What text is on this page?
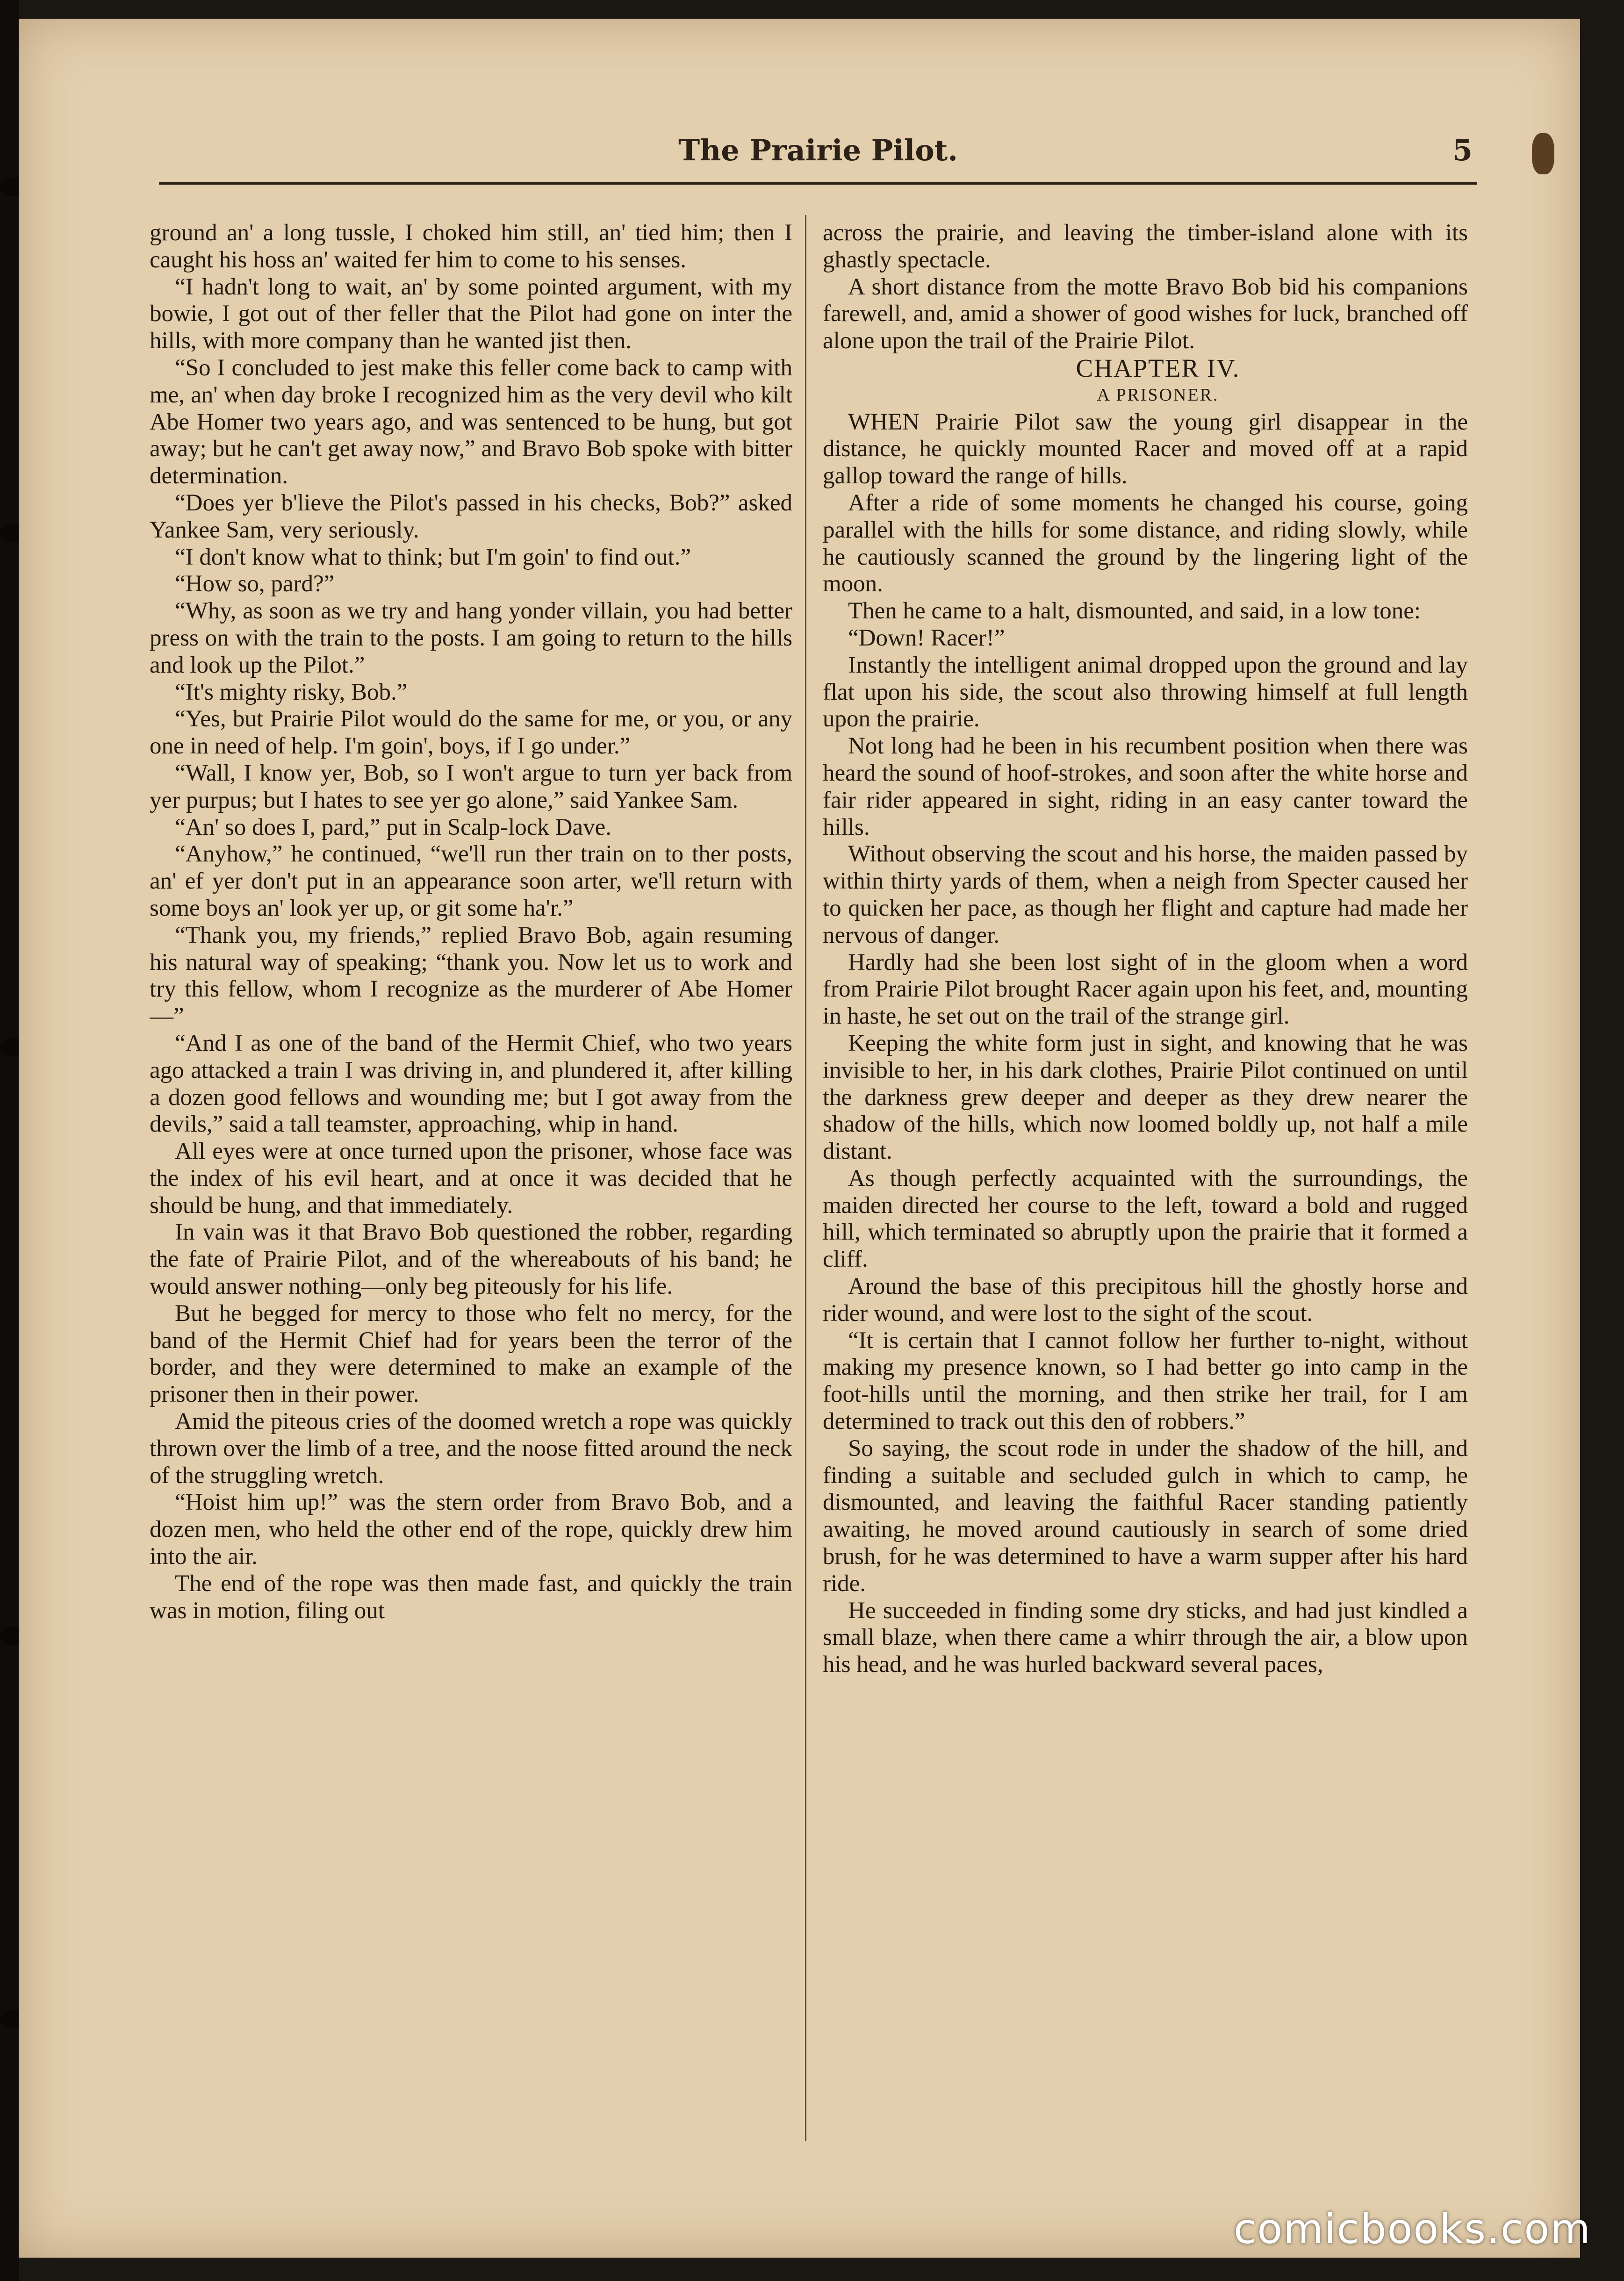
The Prairie Pilot.	5

ground an' a long tussle, I choked him still, an' tied him; then I caught his hoss an' waited fer him to come to his senses.

“I hadn't long to wait, an' by some pointed argument, with my bowie, I got out of ther feller that the Pilot had gone on inter the hills, with more company than he wanted jist then.

“So I concluded to jest make this feller come back to camp with me, an' when day broke I recognized him as the very devil who kilt Abe Homer two years ago, and was sentenced to be hung, but got away; but he can't get away now,” and Bravo Bob spoke with bitter determination.

“Does yer b'lieve the Pilot's passed in his checks, Bob?” asked Yankee Sam, very seriously.

“I don't know what to think; but I'm goin' to find out.”

“How so, pard?”

“Why, as soon as we try and hang yonder villain, you had better press on with the train to the posts. I am going to return to the hills and look up the Pilot.”

“It's mighty risky, Bob.”

“Yes, but Prairie Pilot would do the same for me, or you, or any one in need of help. I'm goin', boys, if I go under.”

“Wall, I know yer, Bob, so I won't argue to turn yer back from yer purpus; but I hates to see yer go alone,” said Yankee Sam.

“An' so does I, pard,” put in Scalp-lock Dave.

“Anyhow,” he continued, “we'll run ther train on to ther posts, an' ef yer don't put in an appearance soon arter, we'll return with some boys an' look yer up, or git some ha'r.”

“Thank you, my friends,” replied Bravo Bob, again resuming his natural way of speaking; “thank you. Now let us to work and try this fellow, whom I recognize as the murderer of Abe Homer—”

“And I as one of the band of the Hermit Chief, who two years ago attacked a train I was driving in, and plundered it, after killing a dozen good fellows and wounding me; but I got away from the devils,” said a tall teamster, approaching, whip in hand.

All eyes were at once turned upon the prisoner, whose face was the index of his evil heart, and at once it was decided that he should be hung, and that immediately.

In vain was it that Bravo Bob questioned the robber, regarding the fate of Prairie Pilot, and of the whereabouts of his band; he would answer nothing—only beg piteously for his life.

But he begged for mercy to those who felt no mercy, for the band of the Hermit Chief had for years been the terror of the border, and they were determined to make an example of the prisoner then in their power.

Amid the piteous cries of the doomed wretch a rope was quickly thrown over the limb of a tree, and the noose fitted around the neck of the struggling wretch.

“Hoist him up!” was the stern order from Bravo Bob, and a dozen men, who held the other end of the rope, quickly drew him into the air.

The end of the rope was then made fast, and quickly the train was in motion, filing out

across the prairie, and leaving the timber-island alone with its ghastly spectacle.

A short distance from the motte Bravo Bob bid his companions farewell, and, amid a shower of good wishes for luck, branched off alone upon the trail of the Prairie Pilot.

CHAPTER IV.

A PRISONER.

WHEN Prairie Pilot saw the young girl disappear in the distance, he quickly mounted Racer and moved off at a rapid gallop toward the range of hills.

After a ride of some moments he changed his course, going parallel with the hills for some distance, and riding slowly, while he cautiously scanned the ground by the lingering light of the moon.

Then he came to a halt, dismounted, and said, in a low tone:

“Down! Racer!”

Instantly the intelligent animal dropped upon the ground and lay flat upon his side, the scout also throwing himself at full length upon the prairie.

Not long had he been in his recumbent position when there was heard the sound of hoof-strokes, and soon after the white horse and fair rider appeared in sight, riding in an easy canter toward the hills.

Without observing the scout and his horse, the maiden passed by within thirty yards of them, when a neigh from Specter caused her to quicken her pace, as though her flight and capture had made her nervous of danger.

Hardly had she been lost sight of in the gloom when a word from Prairie Pilot brought Racer again upon his feet, and, mounting in haste, he set out on the trail of the strange girl.

Keeping the white form just in sight, and knowing that he was invisible to her, in his dark clothes, Prairie Pilot continued on until the darkness grew deeper and deeper as they drew nearer the shadow of the hills, which now loomed boldly up, not half a mile distant.

As though perfectly acquainted with the surroundings, the maiden directed her course to the left, toward a bold and rugged hill, which terminated so abruptly upon the prairie that it formed a cliff.

Around the base of this precipitous hill the ghostly horse and rider wound, and were lost to the sight of the scout.

“It is certain that I cannot follow her further to-night, without making my presence known, so I had better go into camp in the foot-hills until the morning, and then strike her trail, for I am determined to track out this den of robbers.”

So saying, the scout rode in under the shadow of the hill, and finding a suitable and secluded gulch in which to camp, he dismounted, and leaving the faithful Racer standing patiently awaiting, he moved around cautiously in search of some dried brush, for he was determined to have a warm supper after his hard ride.

He succeeded in finding some dry sticks, and had just kindled a small blaze, when there came a whirr through the air, a blow upon his head, and he was hurled backward several paces,

comicbooks.com
